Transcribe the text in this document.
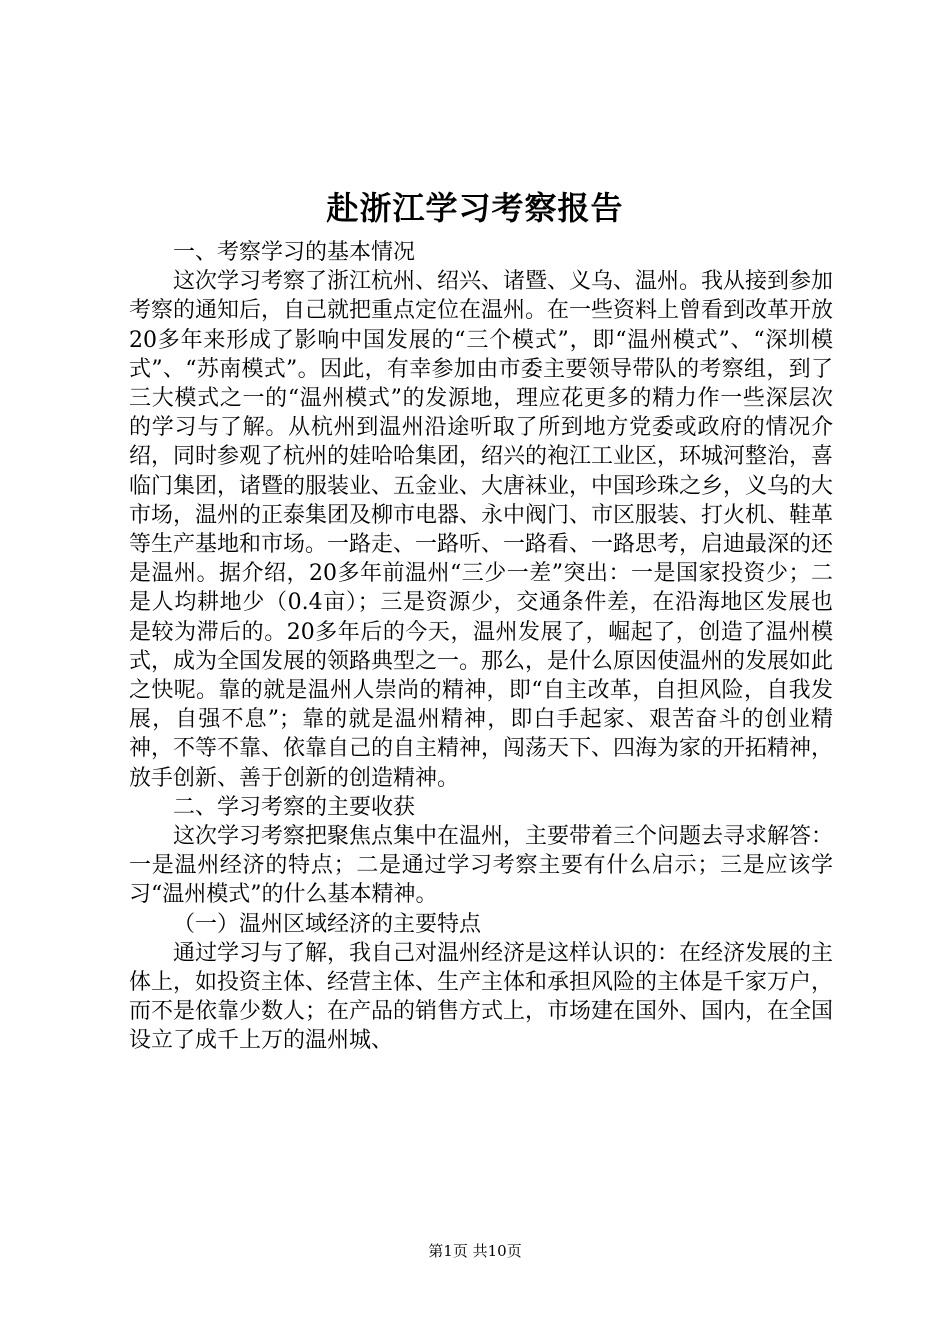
赴浙江学习考察报告

一、考察学习的基本情况

这次学习考察了浙江杭州、绍兴、诸暨、义乌、温州。我从接到参加考察的通知后，自己就把重点定位在温州。在一些资料上曾看到改革开放20多年来形成了影响中国发展的“三个模式”，即“温州模式”、“深圳模式”、“苏南模式”。因此，有幸参加由市委主要领导带队的考察组，到了三大模式之一的“温州模式”的发源地，理应花更多的精力作一些深层次的学习与了解。从杭州到温州沿途听取了所到地方党委或政府的情况介绍，同时参观了杭州的娃哈哈集团，绍兴的袍江工业区，环城河整治，喜临门集团，诸暨的服装业、五金业、大唐袜业，中国珍珠之乡，义乌的大市场，温州的正泰集团及柳市电器、永中阀门、市区服装、打火机、鞋革等生产基地和市场。一路走、一路听、一路看、一路思考，启迪最深的还是温州。据介绍，20多年前温州“三少一差”突出：一是国家投资少；二是人均耕地少（0.4亩）；三是资源少，交通条件差，在沿海地区发展也是较为滞后的。20多年后的今天，温州发展了，崛起了，创造了温州模式，成为全国发展的领路典型之一。那么，是什么原因使温州的发展如此之快呢。靠的就是温州人崇尚的精神，即“自主改革，自担风险，自我发展，自强不息”；靠的就是温州精神，即白手起家、艰苦奋斗的创业精神，不等不靠、依靠自己的自主精神，闯荡天下、四海为家的开拓精神，放手创新、善于创新的创造精神。

二、学习考察的主要收获

这次学习考察把聚焦点集中在温州，主要带着三个问题去寻求解答：一是温州经济的特点；二是通过学习考察主要有什么启示；三是应该学习“温州模式”的什么基本精神。

（一）温州区域经济的主要特点

通过学习与了解，我自己对温州经济是这样认识的：在经济发展的主体上，如投资主体、经营主体、生产主体和承担风险的主体是千家万户，而不是依靠少数人；在产品的销售方式上，市场建在国外、国内，在全国设立了成千上万的温州城、

第1页 共10页
